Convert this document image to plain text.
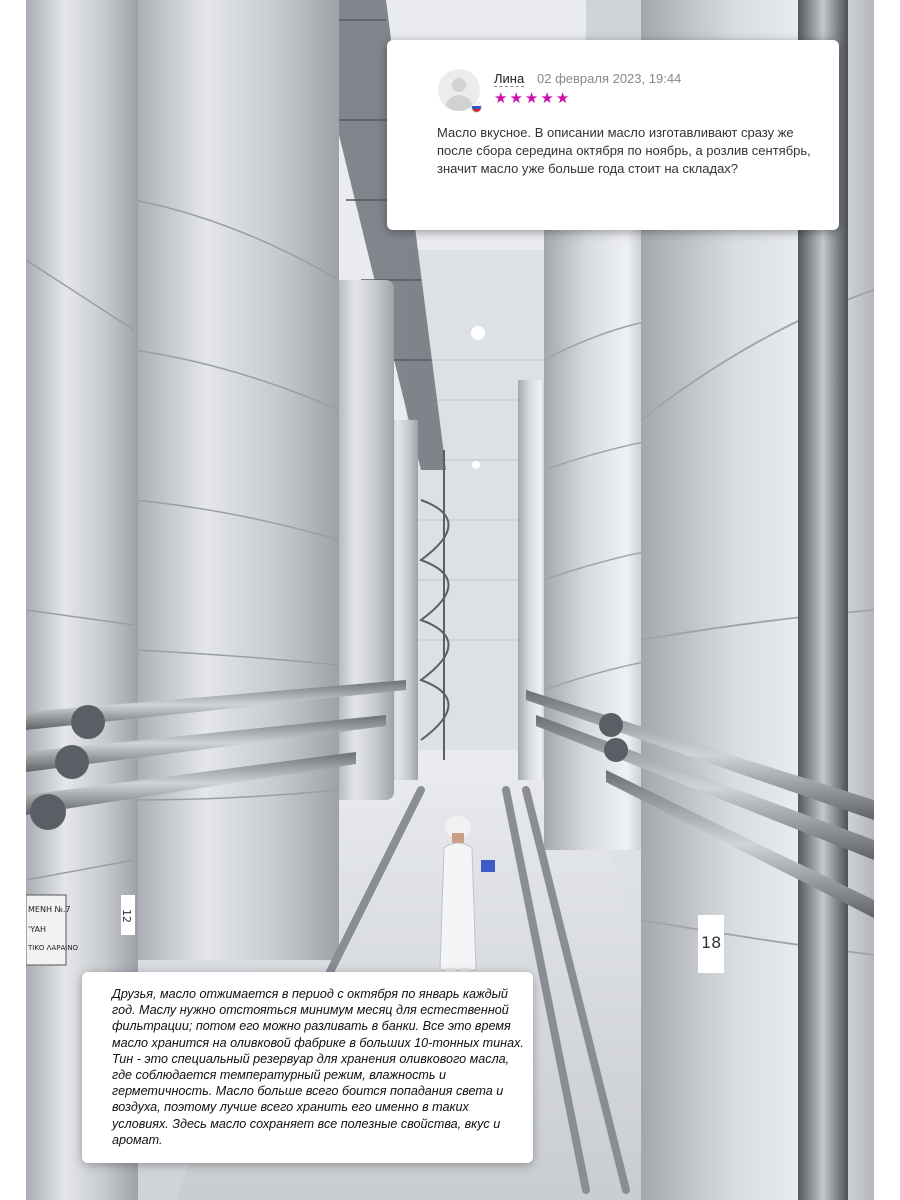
12
18
MENH №.7
'YAH
ΤΙΚΟ ΛΑΡΑΙΝΟ
Лина 02 февраля 2023, 19:44
★ ★ ★ ★ ★
Масло вкусное. В описании масло изготавливают сразу же после сбора середина октября по ноябрь, а розлив сентябрь, значит масло уже больше года стоит на складах?
Друзья, масло отжимается в период с октября по январь каждый год. Маслу нужно отстояться минимум месяц для естественной фильтрации; потом его можно разливать в банки. Все это время масло хранится на оливковой фабрике в больших 10-тонных тинах. Тин - это специальный резервуар для хранения оливкового масла, где соблюдается температурный режим, влажность и герметичность. Масло больше всего боится попадания света и воздуха, поэтому лучше всего хранить его именно в таких условиях. Здесь масло сохраняет все полезные свойства, вкус и аромат.
